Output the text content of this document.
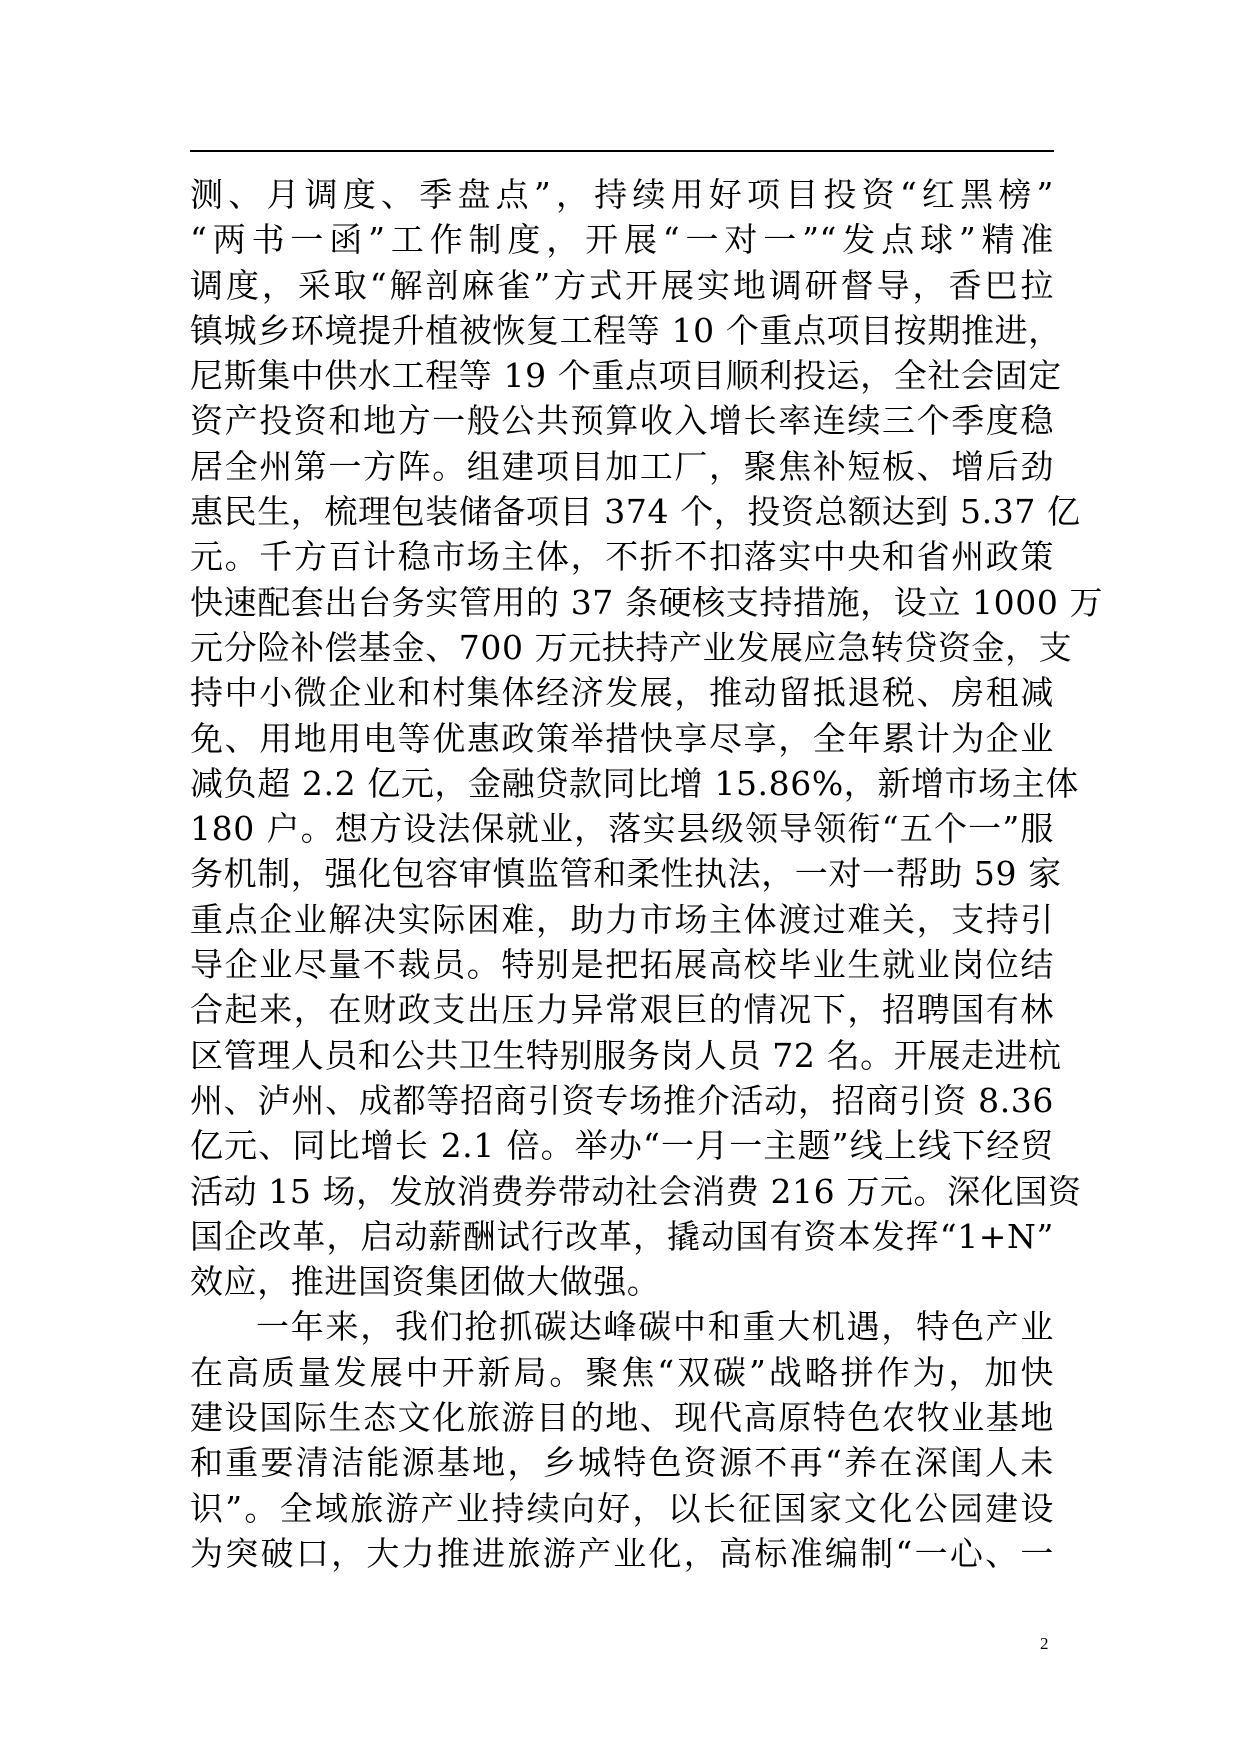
测、月调度、季盘点”，持续用好项目投资“红黑榜”
“两书一函”工作制度，开展“一对一”“发点球”精准
调度，采取“解剖麻雀”方式开展实地调研督导，香巴拉
镇城乡环境提升植被恢复工程等 10 个重点项目按期推进，
尼斯集中供水工程等 19 个重点项目顺利投运，全社会固定
资产投资和地方一般公共预算收入增长率连续三个季度稳
居全州第一方阵。组建项目加工厂，聚焦补短板、增后劲
惠民生，梳理包装储备项目 374 个，投资总额达到 5.37 亿
元。千方百计稳市场主体，不折不扣落实中央和省州政策
快速配套出台务实管用的 37 条硬核支持措施，设立 1000 万
元分险补偿基金、700 万元扶持产业发展应急转贷资金，支
持中小微企业和村集体经济发展，推动留抵退税、房租减
免、用地用电等优惠政策举措快享尽享，全年累计为企业
减负超 2.2 亿元，金融贷款同比增 15.86%，新增市场主体
180 户。想方设法保就业，落实县级领导领衔“五个一”服
务机制，强化包容审慎监管和柔性执法，一对一帮助 59 家
重点企业解决实际困难，助力市场主体渡过难关，支持引
导企业尽量不裁员。特别是把拓展高校毕业生就业岗位结
合起来，在财政支出压力异常艰巨的情况下，招聘国有林
区管理人员和公共卫生特别服务岗人员 72 名。开展走进杭
州、泸州、成都等招商引资专场推介活动，招商引资 8.36
亿元、同比增长 2.1 倍。举办“一月一主题”线上线下经贸
活动 15 场，发放消费券带动社会消费 216 万元。深化国资
国企改革，启动薪酬试行改革，撬动国有资本发挥“1+N”
效应，推进国资集团做大做强。
一年来，我们抢抓碳达峰碳中和重大机遇，特色产业
在高质量发展中开新局。聚焦“双碳”战略拼作为，加快
建设国际生态文化旅游目的地、现代高原特色农牧业基地
和重要清洁能源基地，乡城特色资源不再“养在深闺人未
识”。全域旅游产业持续向好，以长征国家文化公园建设
为突破口，大力推进旅游产业化，高标准编制“一心、一
2
